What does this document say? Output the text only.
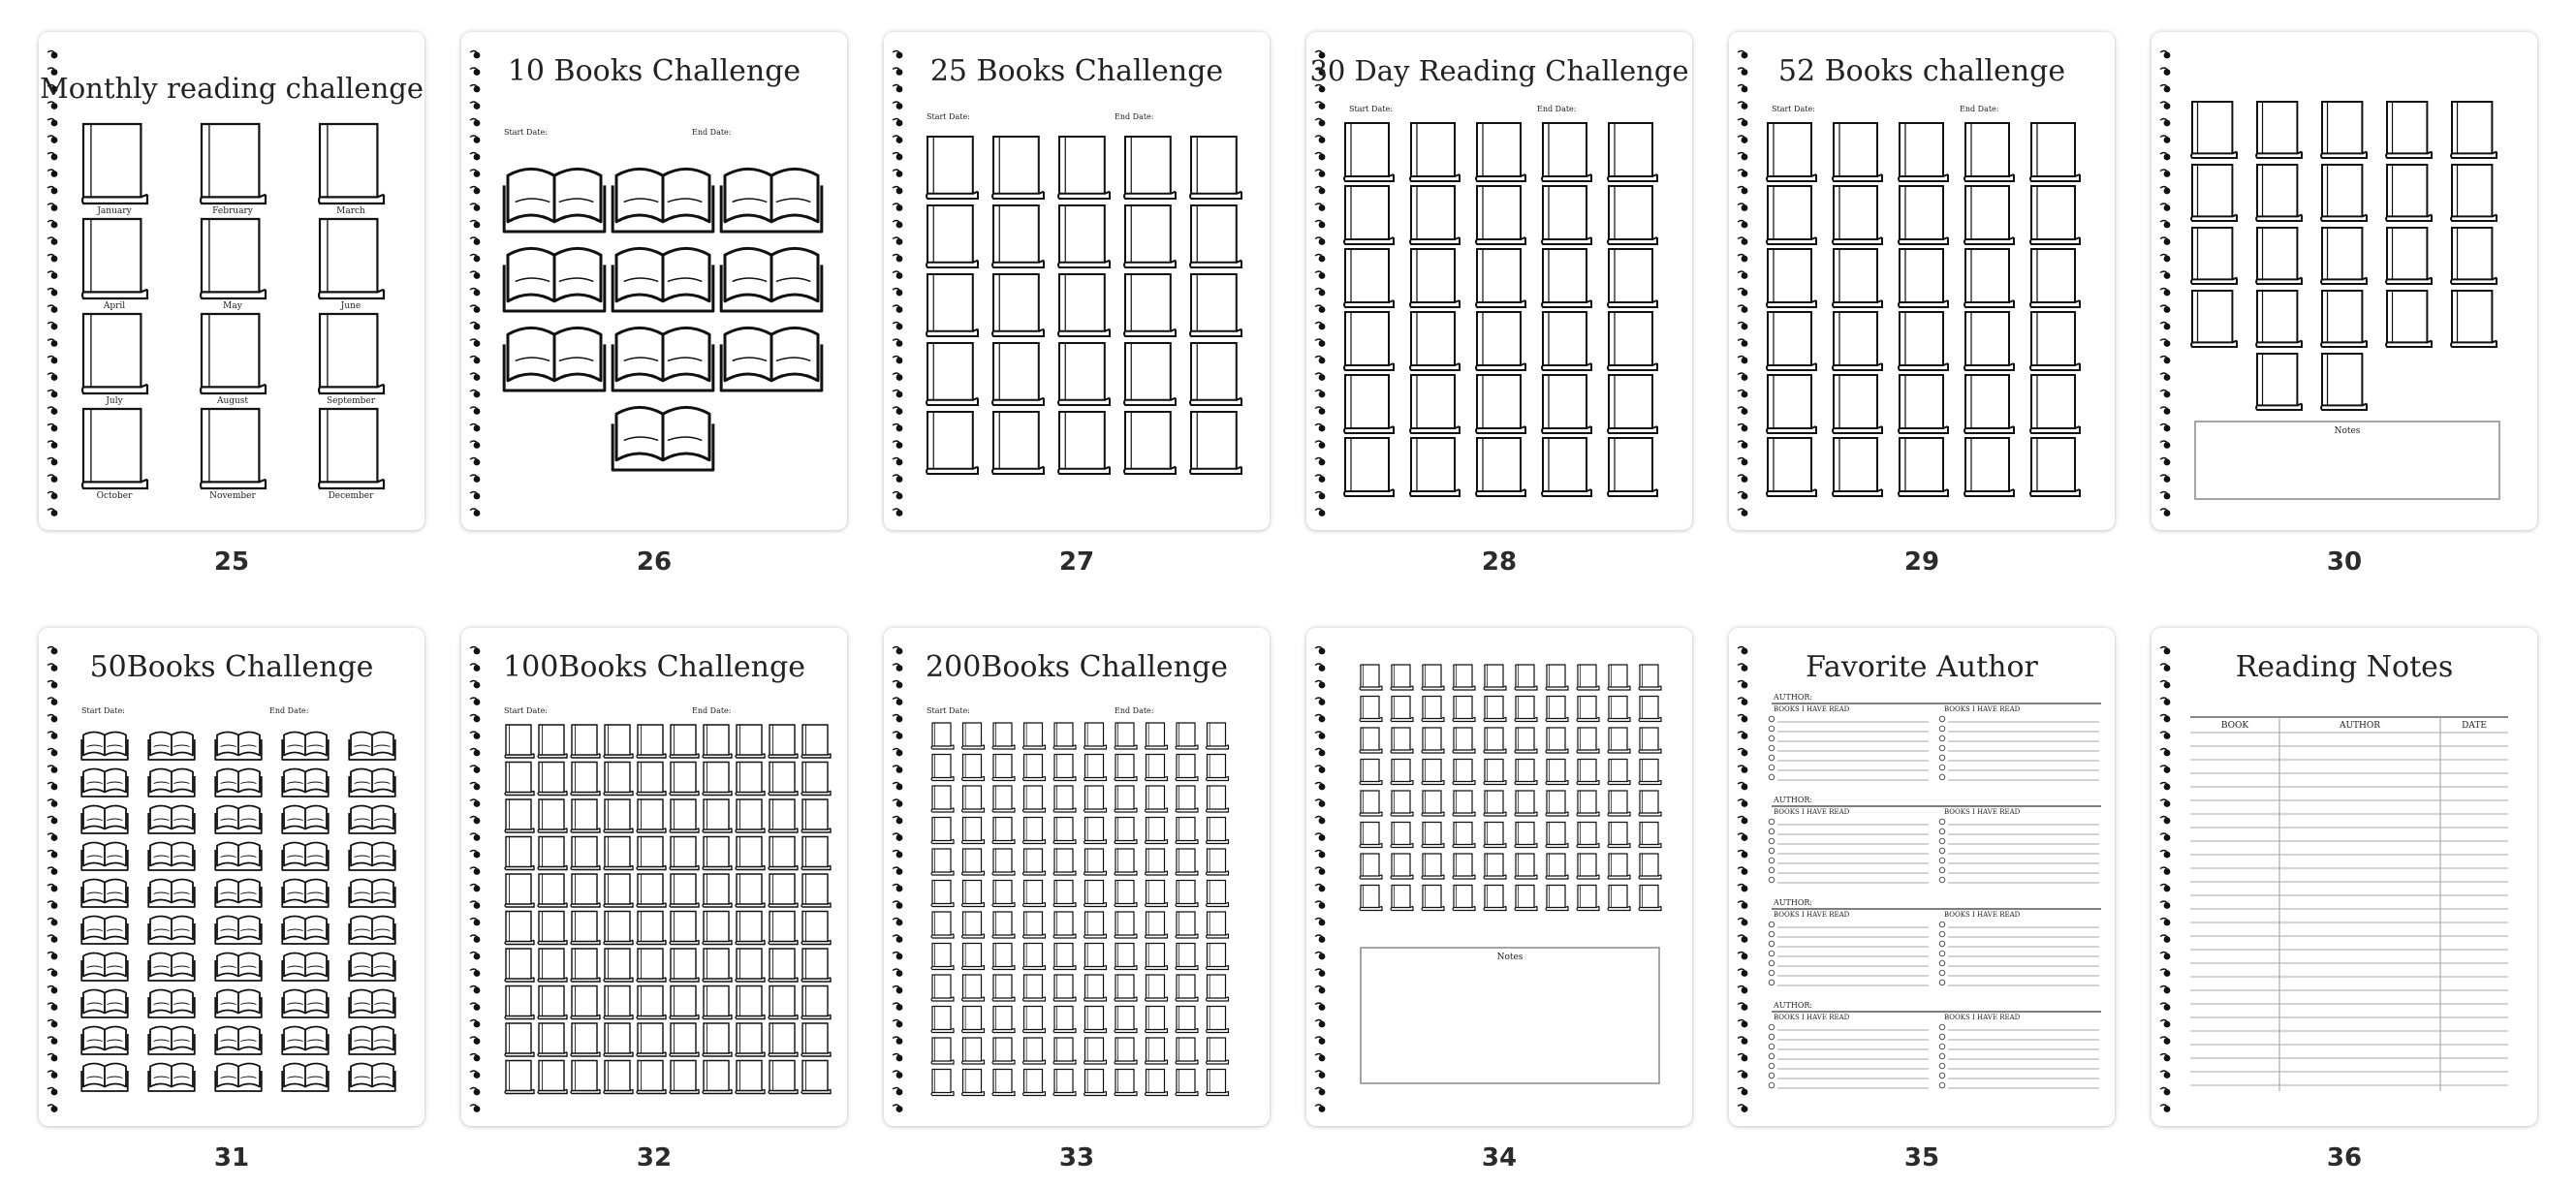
Monthly reading challenge
January	February	March
April	May	June
July	August	September
October	November	December
25
10 Books Challenge
Start Date:	End Date:
26
25 Books Challenge
Start Date:	End Date:
27
30 Day Reading Challenge
Start Date:	End Date:
28
52 Books challenge
Start Date:	End Date:
29
Notes
30
50Books Challenge
Start Date:	End Date:
31
100Books Challenge
Start Date:	End Date:
32
200Books Challenge
Start Date:	End Date:
33
Notes
34
Favorite Author
AUTHOR:
BOOKS I HAVE READ	BOOKS I HAVE READ
AUTHOR:
BOOKS I HAVE READ	BOOKS I HAVE READ
AUTHOR:
BOOKS I HAVE READ	BOOKS I HAVE READ
AUTHOR:
BOOKS I HAVE READ	BOOKS I HAVE READ
35
Reading Notes
BOOK	AUTHOR	DATE
36
